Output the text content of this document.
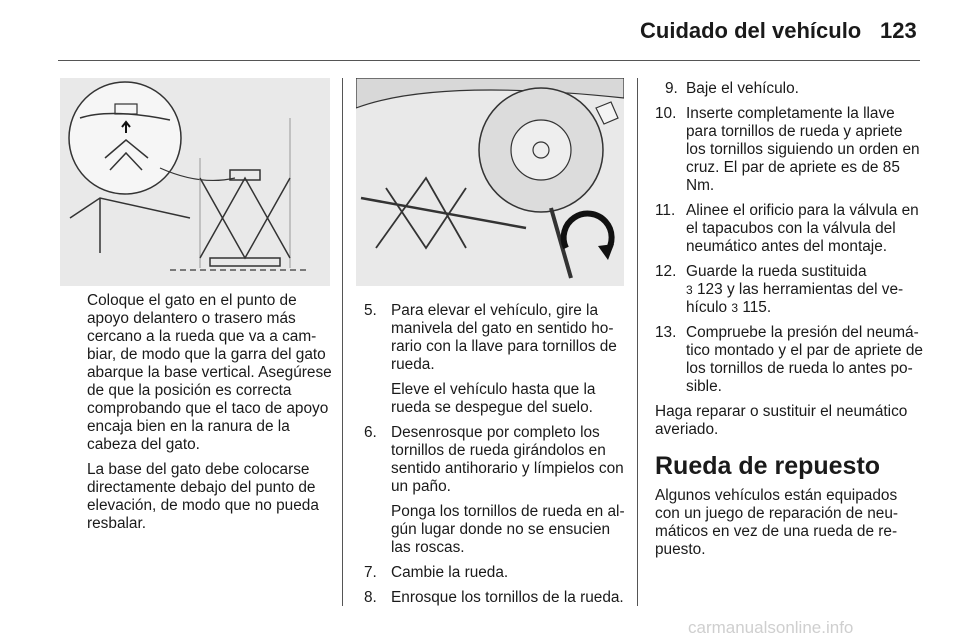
Cuidado del vehículo 123

Coloque el gato en el punto de apoyo delantero o trasero más cercano a la rueda que va a cam-biar, de modo que la garra del gato abarque la base vertical. Asegúrese de que la posición es correcta comprobando que el taco de apoyo encaja bien en la ranura de la cabeza del gato.

La base del gato debe colocarse directamente debajo del punto de elevación, de modo que no pueda resbalar.

5. Para elevar el vehículo, gire la manivela del gato en sentido ho-rario con la llave para tornillos de rueda.

Eleve el vehículo hasta que la rueda se despegue del suelo.

6. Desenrosque por completo los tornillos de rueda girándolos en sentido antihorario y límpielos con un paño.

Ponga los tornillos de rueda en al-gún lugar donde no se ensucien las roscas.

7. Cambie la rueda.

8. Enrosque los tornillos de la rueda.

9. Baje el vehículo.

10. Inserte completamente la llave para tornillos de rueda y apriete los tornillos siguiendo un orden en cruz. El par de apriete es de 85 Nm.

11. Alinee el orificio para la válvula en el tapacubos con la válvula del neumático antes del montaje.

12. Guarde la rueda sustituida
3 123 y las herramientas del ve-hículo 3 115.

13. Compruebe la presión del neumá-tico montado y el par de apriete de los tornillos de rueda lo antes po-sible.

Haga reparar o sustituir el neumático averiado.

Rueda de repuesto

Algunos vehículos están equipados con un juego de reparación de neu-máticos en vez de una rueda de re-puesto.

carmanualsonline.info
